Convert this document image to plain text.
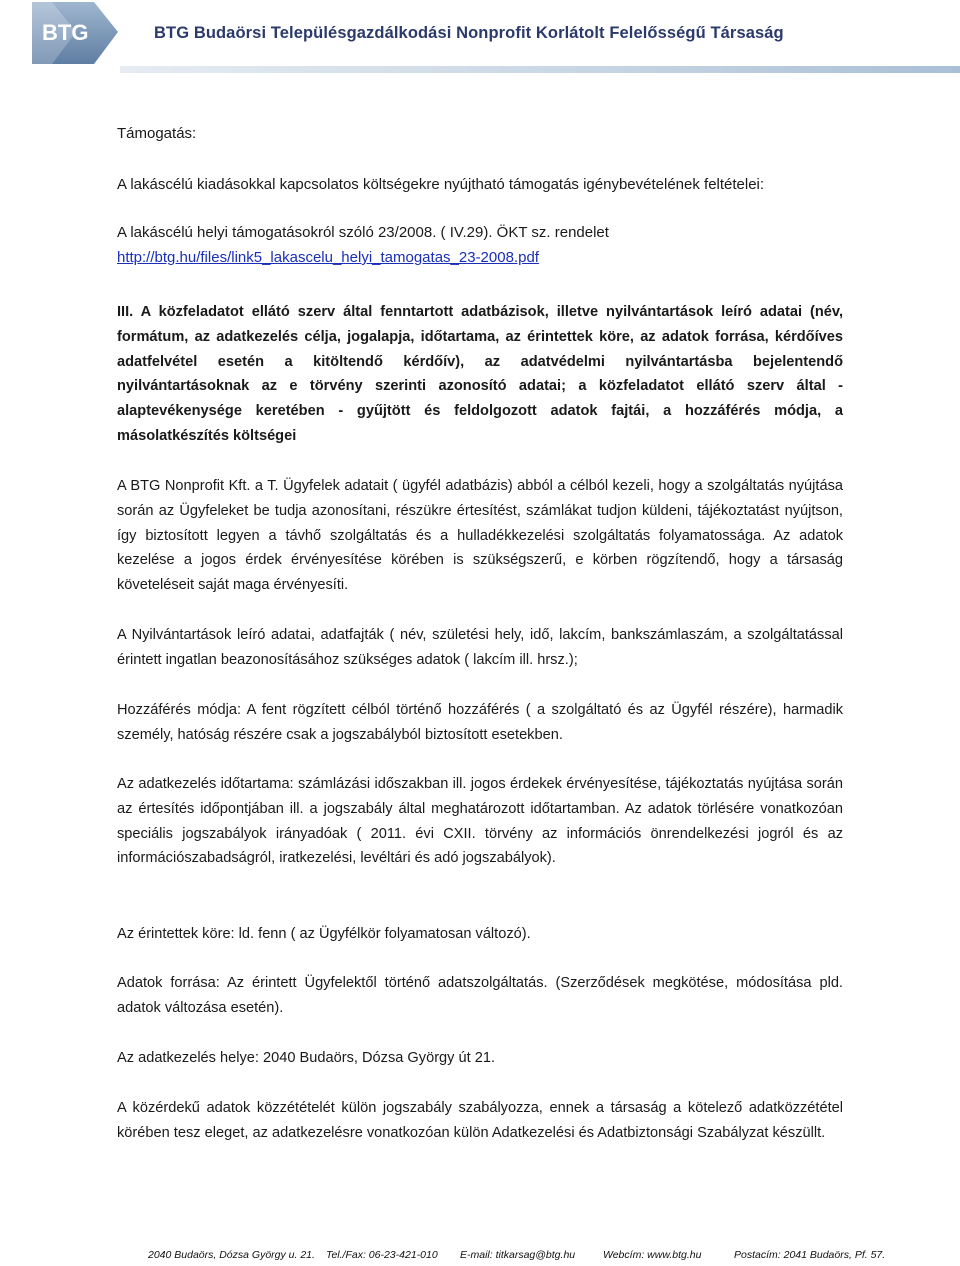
BTG	BTG Budaörsi Településgazdálkodási Nonprofit Korlátolt Felelősségű Társaság
Támogatás:
A lakáscélú kiadásokkal kapcsolatos költségekre nyújtható támogatás igénybevételének feltételei:
A lakáscélú helyi támogatásokról szóló 23/2008. ( IV.29). ÖKT sz. rendelet
http://btg.hu/files/link5_lakascelu_helyi_tamogatas_23-2008.pdf
III. A közfeladatot ellátó szerv által fenntartott adatbázisok, illetve nyilvántartások leíró adatai (név, formátum, az adatkezelés célja, jogalapja, időtartama, az érintettek köre, az adatok forrása, kérdőíves adatfelvétel esetén a kitöltendő kérdőív), az adatvédelmi nyilvántartásba bejelentendő nyilvántartásoknak az e törvény szerinti azonosító adatai; a közfeladatot ellátó szerv által - alaptevékenysége keretében - gyűjtött és feldolgozott adatok fajtái, a hozzáférés módja, a másolatkészítés költségei
A BTG Nonprofit Kft. a T. Ügyfelek adatait ( ügyfél adatbázis) abból a célból kezeli, hogy a szolgáltatás nyújtása során az Ügyfeleket be tudja azonosítani, részükre értesítést, számlákat tudjon küldeni, tájékoztatást nyújtson, így biztosított legyen a távhő szolgáltatás és a hulladékkezelési szolgáltatás folyamatossága. Az adatok kezelése a jogos érdek érvényesítése körében is szükségszerű, e körben rögzítendő, hogy a társaság követeléseit saját maga érvényesíti.
A Nyilvántartások leíró adatai, adatfajták ( név, születési hely, idő, lakcím, bankszámlaszám, a szolgáltatással érintett ingatlan beazonosításához szükséges adatok ( lakcím ill. hrsz.);
Hozzáférés módja: A fent rögzített célból történő hozzáférés ( a szolgáltató és az Ügyfél részére), harmadik személy, hatóság részére csak a jogszabályból biztosított esetekben.
Az adatkezelés időtartama: számlázási időszakban ill. jogos érdekek érvényesítése, tájékoztatás nyújtása során az értesítés időpontjában ill. a jogszabály által meghatározott időtartamban. Az adatok törlésére vonatkozóan speciális jogszabályok irányadóak ( 2011. évi CXII. törvény az információs önrendelkezési jogról és az információszabadságról, iratkezelési, levéltári és adó jogszabályok).
Az érintettek köre: ld. fenn ( az Ügyfélkör folyamatosan változó).
Adatok forrása: Az érintett Ügyfelektől történő adatszolgáltatás. (Szerződések megkötése, módosítása pld. adatok változása esetén).
Az adatkezelés helye: 2040 Budaörs, Dózsa György út 21.
A közérdekű adatok közzétételét külön jogszabály szabályozza, ennek a társaság a kötelező adatközzététel körében tesz eleget, az adatkezelésre vonatkozóan külön Adatkezelési és Adatbiztonsági Szabályzat készüllt.
2040 Budaörs, Dózsa György u. 21. Tel./Fax: 06-23-421-010 E-mail: titkarsag@btg.hu	Webcím: www.btg.hu	Postacím: 2041 Budaörs, Pf. 57.
